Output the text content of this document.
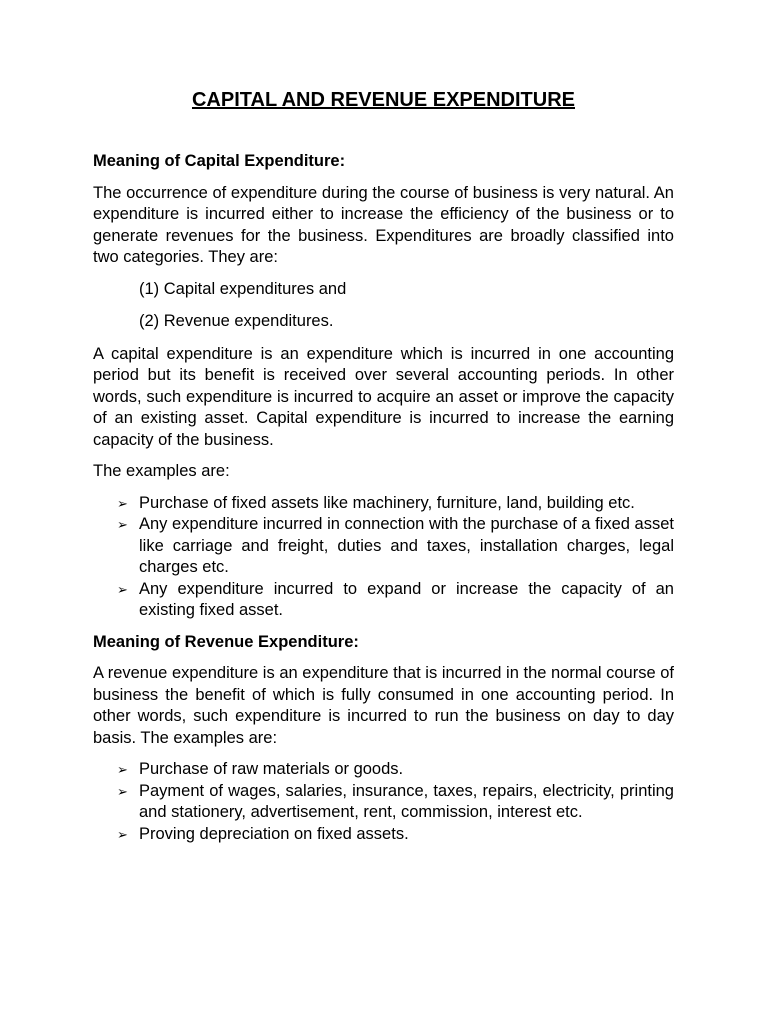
CAPITAL AND REVENUE EXPENDITURE

Meaning of Capital Expenditure:

The occurrence of expenditure during the course of business is very natural. An expenditure is incurred either to increase the efficiency of the business or to generate revenues for the business. Expenditures are broadly classified into two categories. They are:

(1) Capital expenditures and

(2) Revenue expenditures.

A capital expenditure is an expenditure which is incurred in one accounting period but its benefit is received over several accounting periods. In other words, such expenditure is incurred to acquire an asset or improve the capacity of an existing asset. Capital expenditure is incurred to increase the earning capacity of the business.

The examples are:

➢ Purchase of fixed assets like machinery, furniture, land, building etc.
➢ Any expenditure incurred in connection with the purchase of a fixed asset like carriage and freight, duties and taxes, installation charges, legal charges etc.
➢ Any expenditure incurred to expand or increase the capacity of an existing fixed asset.

Meaning of Revenue Expenditure:

A revenue expenditure is an expenditure that is incurred in the normal course of business the benefit of which is fully consumed in one accounting period. In other words, such expenditure is incurred to run the business on day to day basis. The examples are:

➢ Purchase of raw materials or goods.
➢ Payment of wages, salaries, insurance, taxes, repairs, electricity, printing and stationery, advertisement, rent, commission, interest etc.
➢ Proving depreciation on fixed assets.
